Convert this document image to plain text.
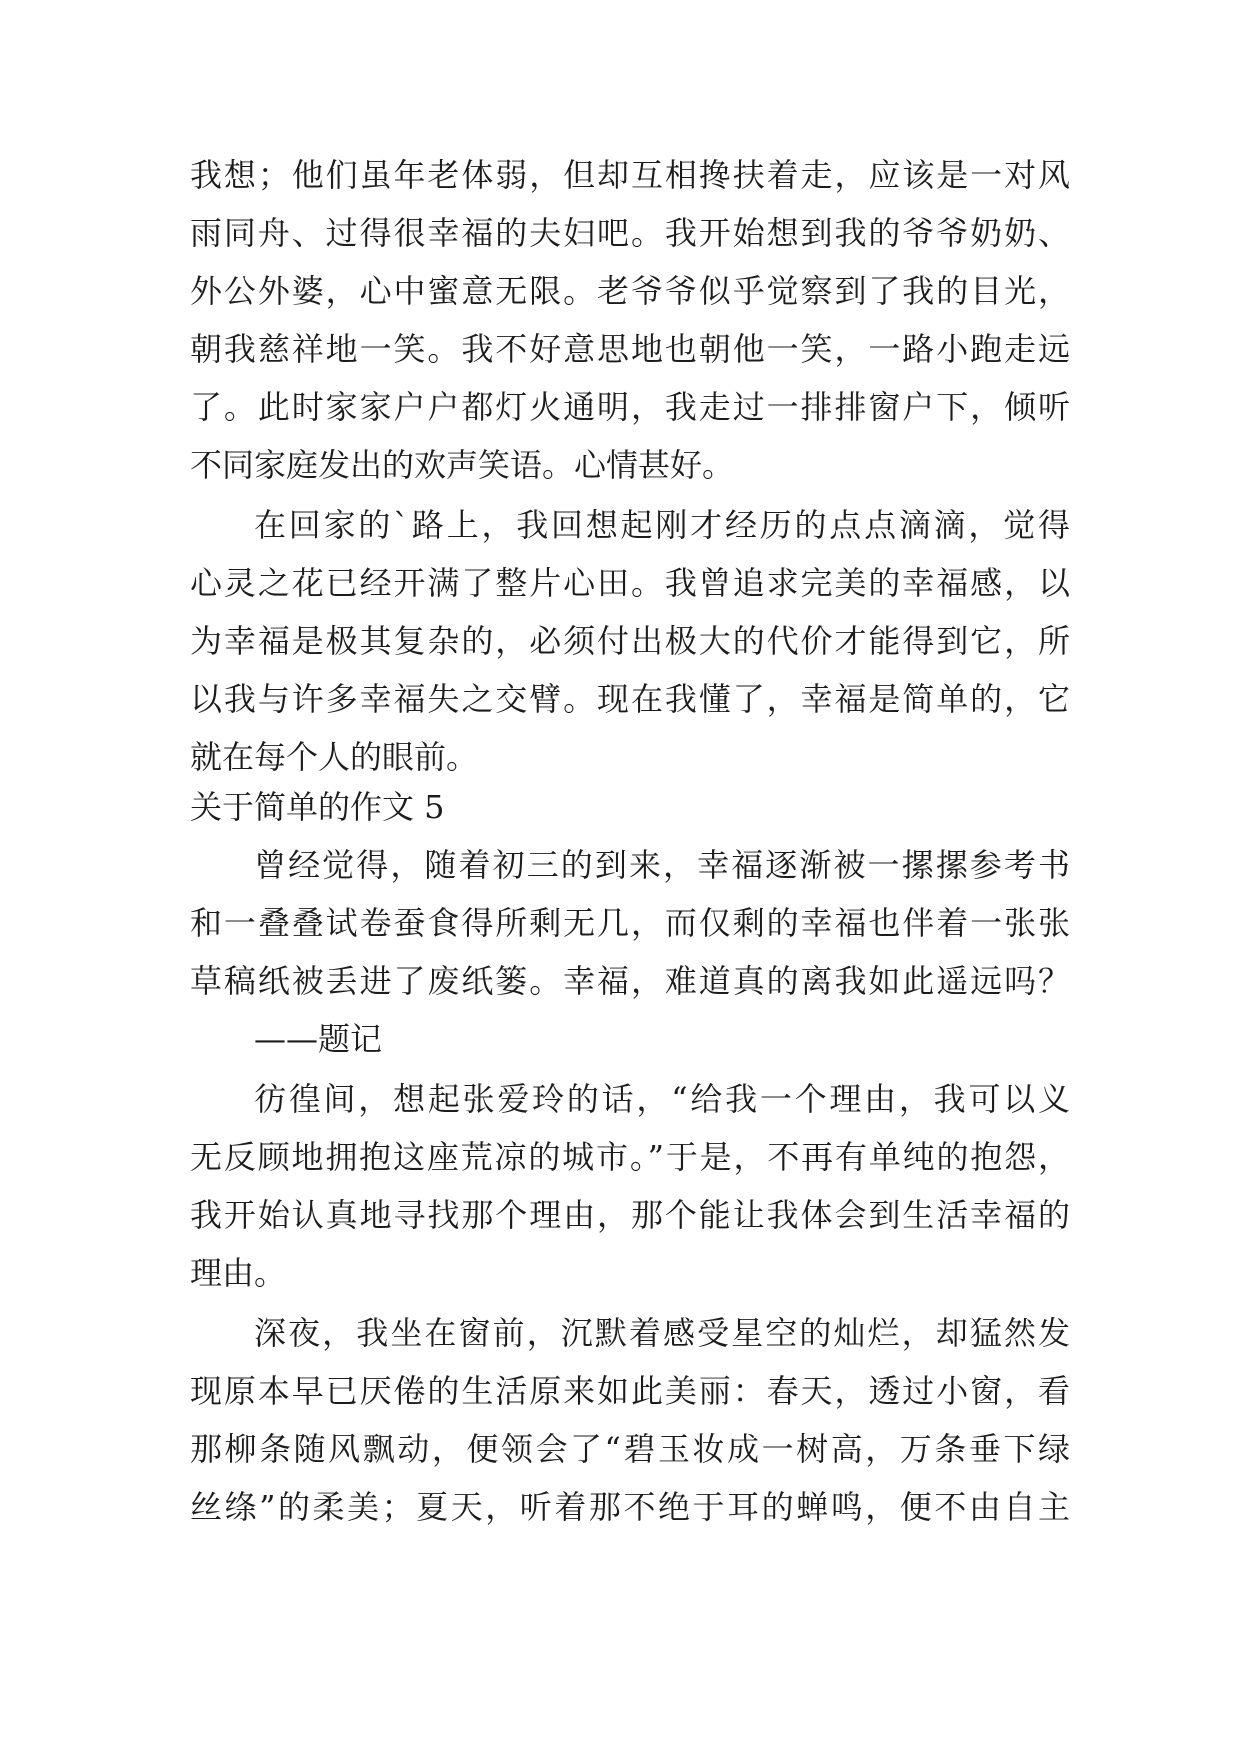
我想；他们虽年老体弱，但却互相搀扶着走，应该是一对风
雨同舟、过得很幸福的夫妇吧。我开始想到我的爷爷奶奶、
外公外婆，心中蜜意无限。老爷爷似乎觉察到了我的目光，
朝我慈祥地一笑。我不好意思地也朝他一笑，一路小跑走远
了。此时家家户户都灯火通明，我走过一排排窗户下，倾听
不同家庭发出的欢声笑语。心情甚好。
在回家的`路上，我回想起刚才经历的点点滴滴，觉得
心灵之花已经开满了整片心田。我曾追求完美的幸福感，以
为幸福是极其复杂的，必须付出极大的代价才能得到它，所
以我与许多幸福失之交臂。现在我懂了，幸福是简单的，它
就在每个人的眼前。
关于简单的作文 5
曾经觉得，随着初三的到来，幸福逐渐被一摞摞参考书
和一叠叠试卷蚕食得所剩无几，而仅剩的幸福也伴着一张张
草稿纸被丢进了废纸篓。幸福，难道真的离我如此遥远吗？
——题记
彷徨间，想起张爱玲的话，“给我一个理由，我可以义
无反顾地拥抱这座荒凉的城市。”于是，不再有单纯的抱怨，
我开始认真地寻找那个理由，那个能让我体会到生活幸福的
理由。
深夜，我坐在窗前，沉默着感受星空的灿烂，却猛然发
现原本早已厌倦的生活原来如此美丽：春天，透过小窗，看
那柳条随风飘动，便领会了“碧玉妆成一树高，万条垂下绿
丝绦”的柔美；夏天，听着那不绝于耳的蝉鸣，便不由自主
